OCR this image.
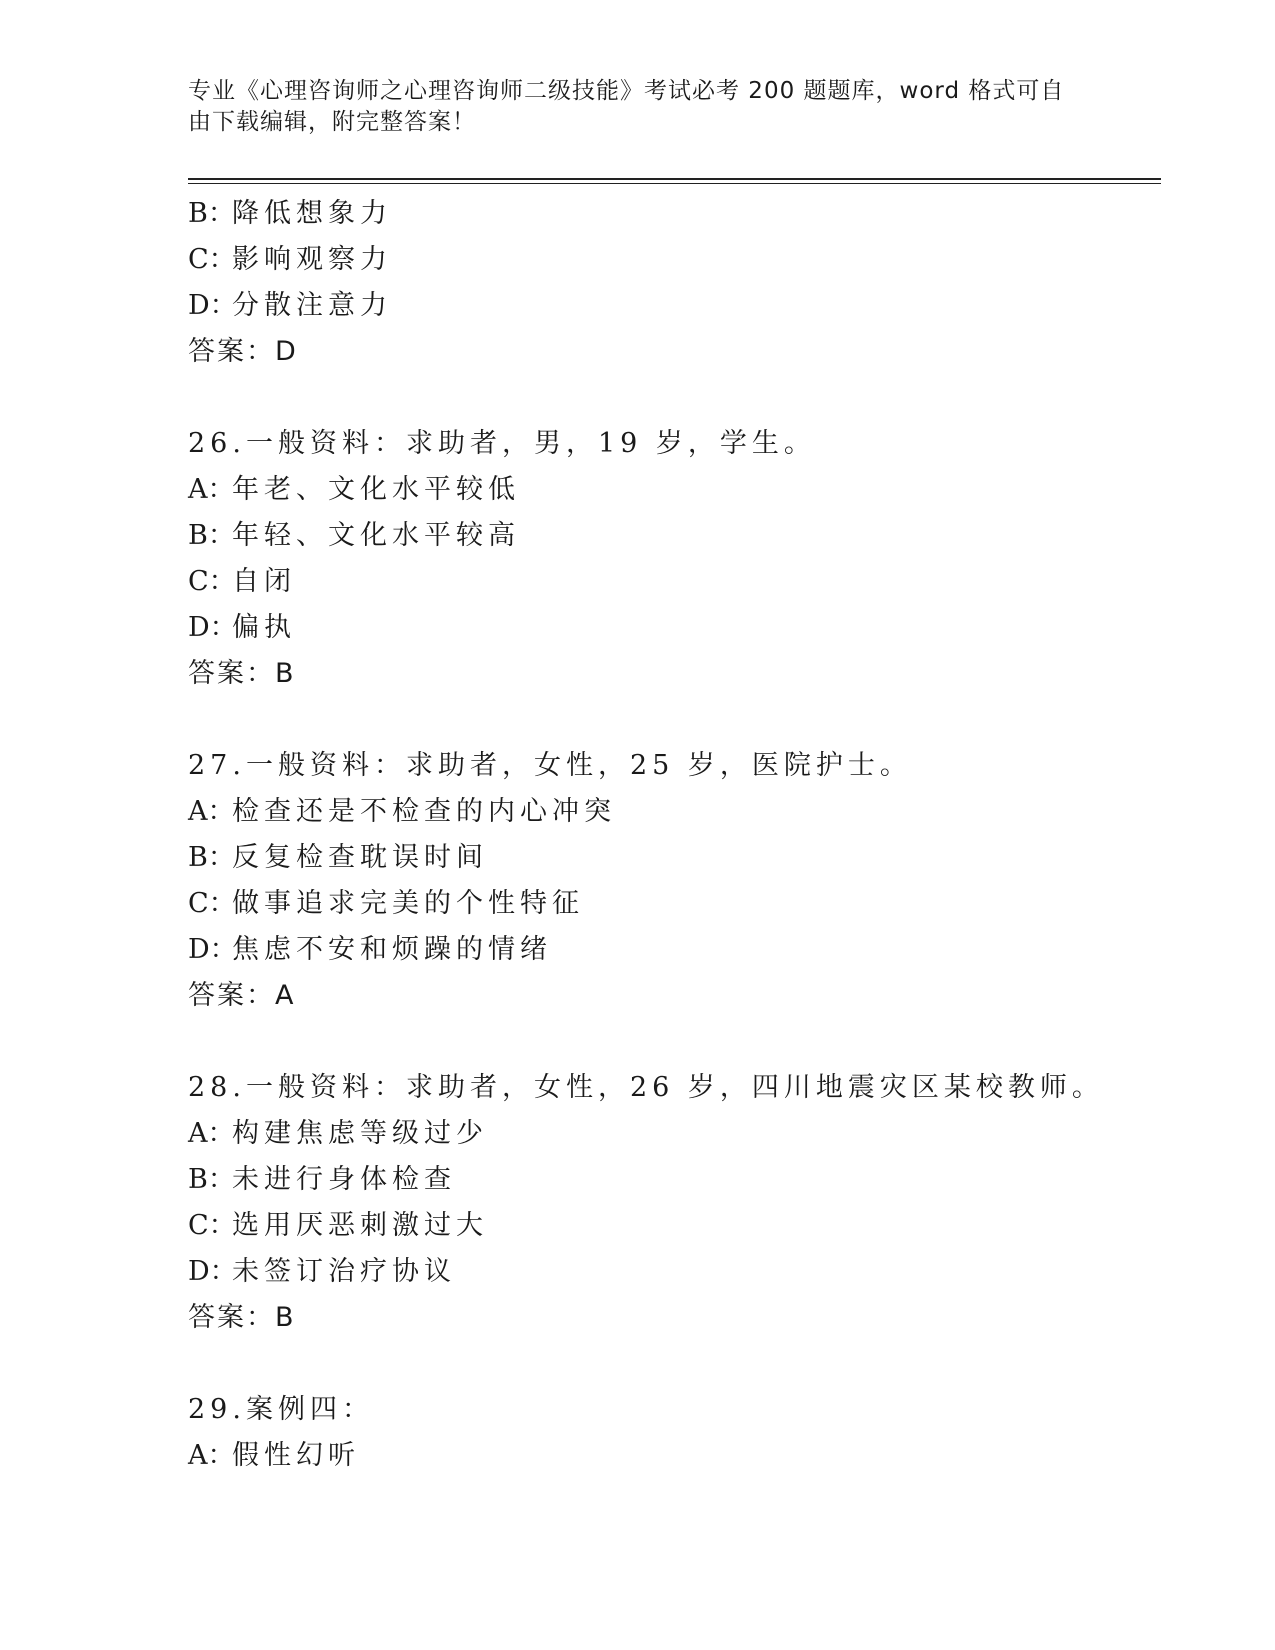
专业《心理咨询师之心理咨询师二级技能》考试必考 200 题题库，word 格式可自由下载编辑，附完整答案！
B：降低想象力
C：影响观察力
D：分散注意力
答案：D
26.一般资料：求助者，男，19 岁，学生。
A：年老、文化水平较低
B：年轻、文化水平较高
C：自闭
D：偏执
答案：B
27.一般资料：求助者，女性，25 岁，医院护士。
A：检查还是不检查的内心冲突
B：反复检查耽误时间
C：做事追求完美的个性特征
D：焦虑不安和烦躁的情绪
答案：A
28.一般资料：求助者，女性，26 岁，四川地震灾区某校教师。
A：构建焦虑等级过少
B：未进行身体检查
C：选用厌恶刺激过大
D：未签订治疗协议
答案：B
29.案例四：
A：假性幻听
